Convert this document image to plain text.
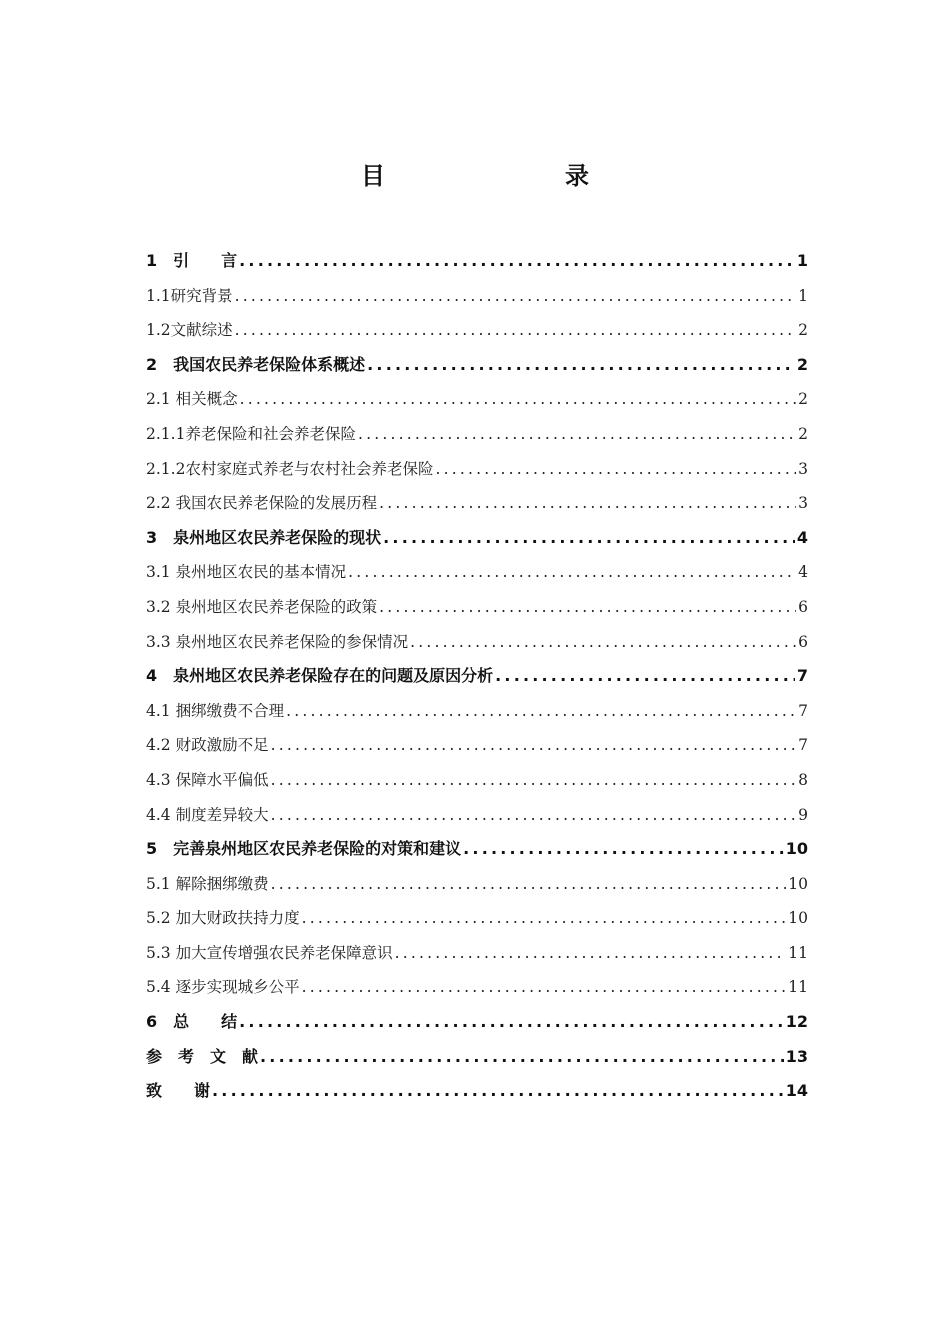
目　　录
1　引　　言 .....	1
1.1研究背景 .....	1
1.2文献综述 .....	2
2　我国农民养老保险体系概述 .....	2
2.1 相关概念 .....	2
2.1.1养老保险和社会养老保险 .....	2
2.1.2农村家庭式养老与农村社会养老保险 .....	3
2.2 我国农民养老保险的发展历程 .....	3
3　泉州地区农民养老保险的现状 .....	4
3.1 泉州地区农民的基本情况 .....	4
3.2 泉州地区农民养老保险的政策 .....	6
3.3 泉州地区农民养老保险的参保情况 .....	6
4　泉州地区农民养老保险存在的问题及原因分析 .....	7
4.1 捆绑缴费不合理 .....	7
4.2 财政激励不足 .....	7
4.3 保障水平偏低 .....	8
4.4 制度差异较大 .....	9
5　完善泉州地区农民养老保险的对策和建议 .....	10
5.1 解除捆绑缴费 .....	10
5.2 加大财政扶持力度 .....	10
5.3 加大宣传增强农民养老保障意识 .....	11
5.4 逐步实现城乡公平 .....	11
6　总　　结 .....	12
参　考　文　献 .....	13
致　　谢 .....	14
